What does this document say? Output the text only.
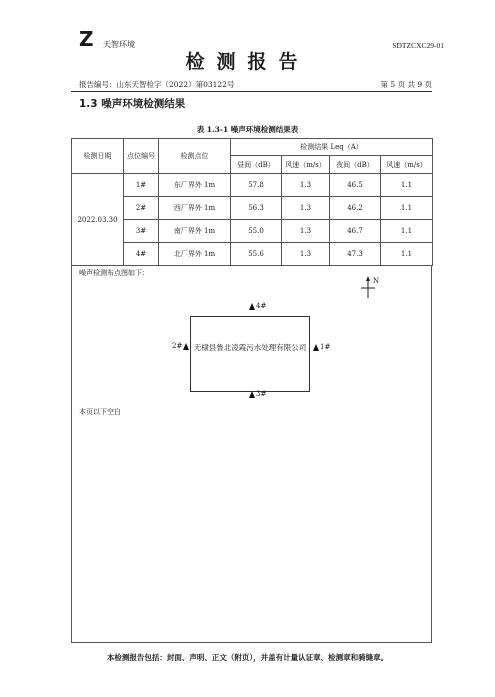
Z 天智环境	SDTZCXC29-01
检测报告
报告编号：山东天智检字（2022）第03122号	第 5 页 共 9 页
1.3 噪声环境检测结果
表 1.3-1 噪声环境检测结果表
检测日期	点位编号	检测点位	检测结果 Leq（A）			
			昼间（dB）	风速（m/s）	夜间（dB）	风速（m/s）
2022.03.30	1#	东厂界外 1m	57.8	1.3	46.5	1.1
	2#	西厂界外 1m	56.3	1.3	46.2	1.1
	3#	南厂界外 1m	55.0	1.3	46.7	1.1
	4#	北厂界外 1m	55.6	1.3	47.3	1.1
噪声检测布点图如下：
N
无棣县鲁北凌霞污水处理有限公司
4#
2#	1#
3#
本页以下空白
本检测报告包括：封面、声明、正文（附页），并盖有计量认证章、检测章和骑缝章。
